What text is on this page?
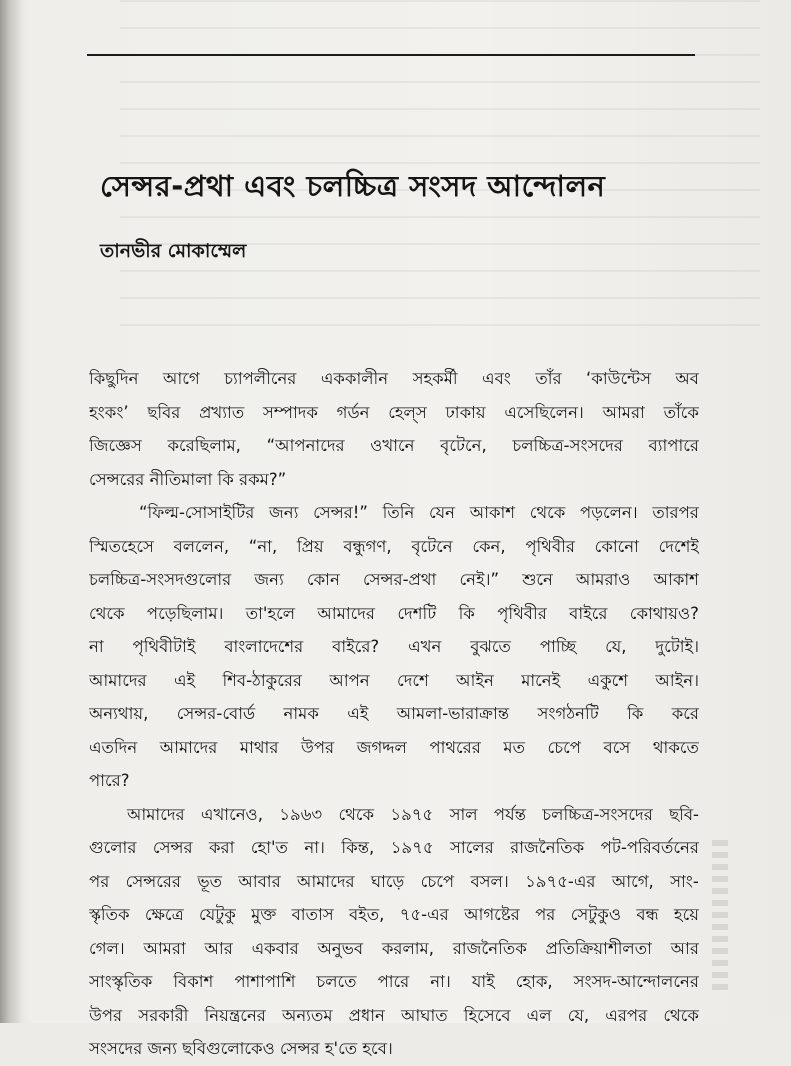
সেন্সর-প্রথা এবং চলচ্চিত্র সংসদ আন্দোলন
তানভীর মোকাম্মেল
কিছুদিন আগে চ্যাপলীনের এককালীন সহকর্মী এবং তাঁর ‘কাউন্টেস অব
হংকং’ ছবির প্রখ্যাত সম্পাদক গর্ডন হেল্‌স ঢাকায় এসেছিলেন। আমরা তাঁকে
জিজ্ঞেস করেছিলাম, “আপনাদের ওখানে বৃটেনে, চলচ্চিত্র-সংসদের ব্যাপারে
সেন্সরের নীতিমালা কি রকম?”
“ফিল্ম-সোসাইটির জন্য সেন্সর!” তিনি যেন আকাশ থেকে পড়লেন। তারপর
স্মিতহেসে বললেন, “না, প্রিয় বন্ধুগণ, বৃটেনে কেন, পৃথিবীর কোনো দেশেই
চলচ্চিত্র-সংসদগুলোর জন্য কোন সেন্সর-প্রথা নেই।” শুনে আমরাও আকাশ
থেকে পড়েছিলাম। তা'হলে আমাদের দেশটি কি পৃথিবীর বাইরে কোথায়ও?
না পৃথিবীটাই বাংলাদেশের বাইরে? এখন বুঝতে পাচ্ছি যে, দুটোই।
আমাদের এই শিব-ঠাকুরের আপন দেশে আইন মানেই একুশে আইন।
অন্যথায়, সেন্সর-বোর্ড নামক এই আমলা-ভারাক্রান্ত সংগঠনটি কি করে
এতদিন আমাদের মাথার উপর জগদ্দল পাথরের মত চেপে বসে থাকতে
পারে?
আমাদের এখানেও, ১৯৬৩ থেকে ১৯৭৫ সাল পর্যন্ত চলচ্চিত্র-সংসদের ছবি-
গুলোর সেন্সর করা হো'ত না। কিন্ত, ১৯৭৫ সালের রাজনৈতিক পট-পরিবর্তনের
পর সেন্সরের ভূত আবার আমাদের ঘাড়ে চেপে বসল। ১৯৭৫-এর আগে, সাং-
স্কৃতিক ক্ষেত্রে যেটুকু মুক্ত বাতাস বইত, ৭৫-এর আগষ্টের পর সেটুকুও বন্ধ হয়ে
গেল। আমরা আর একবার অনুভব করলাম, রাজনৈতিক প্রতিক্রিয়াশীলতা আর
সাংস্কৃতিক বিকাশ পাশাপাশি চলতে পারে না। যাই হোক, সংসদ-আন্দোলনের
উপর সরকারী নিয়ন্ত্রনের অন্যতম প্রধান আঘাত হিসেবে এল যে, এরপর থেকে
সংসদের জন্য ছবিগুলোকেও সেন্সর হ'তে হবে।
